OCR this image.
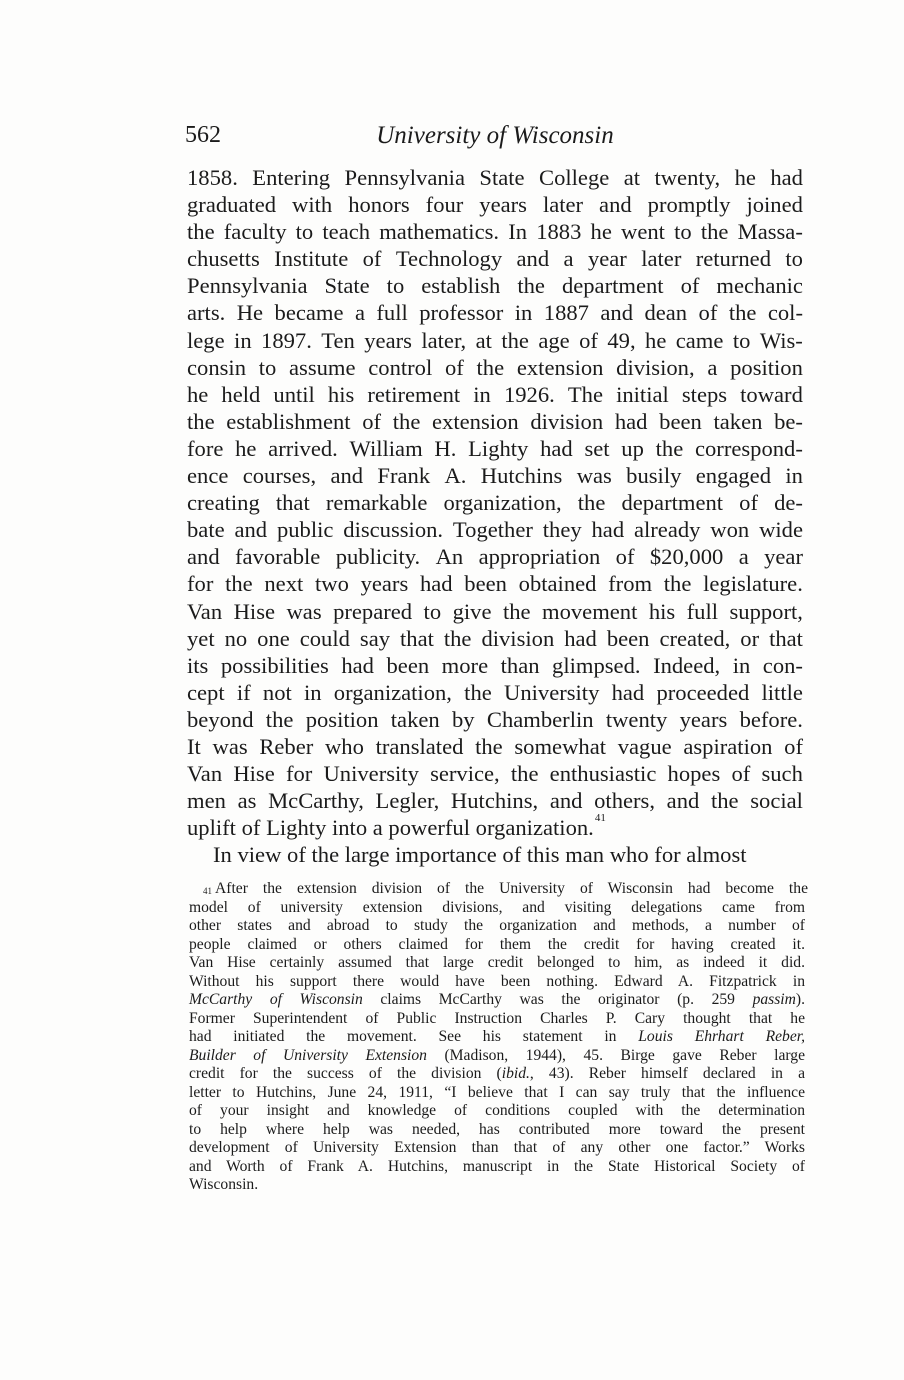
562	University of Wisconsin
1858. Entering Pennsylvania State College at twenty, he had
graduated with honors four years later and promptly joined
the faculty to teach mathematics. In 1883 he went to the Massa-
chusetts Institute of Technology and a year later returned to
Pennsylvania State to establish the department of mechanic
arts. He became a full professor in 1887 and dean of the col-
lege in 1897. Ten years later, at the age of 49, he came to Wis-
consin to assume control of the extension division, a position
he held until his retirement in 1926. The initial steps toward
the establishment of the extension division had been taken be-
fore he arrived. William H. Lighty had set up the correspond-
ence courses, and Frank A. Hutchins was busily engaged in
creating that remarkable organization, the department of de-
bate and public discussion. Together they had already won wide
and favorable publicity. An appropriation of $20,000 a year
for the next two years had been obtained from the legislature.
Van Hise was prepared to give the movement his full support,
yet no one could say that the division had been created, or that
its possibilities had been more than glimpsed. Indeed, in con-
cept if not in organization, the University had proceeded little
beyond the position taken by Chamberlin twenty years before.
It was Reber who translated the somewhat vague aspiration of
Van Hise for University service, the enthusiastic hopes of such
men as McCarthy, Legler, Hutchins, and others, and the social
uplift of Lighty into a powerful organization.$^{41}$
In view of the large importance of this man who for almost
41 After the extension division of the University of Wisconsin had become the
model of university extension divisions, and visiting delegations came from
other states and abroad to study the organization and methods, a number of
people claimed or others claimed for them the credit for having created it.
Van Hise certainly assumed that large credit belonged to him, as indeed it did.
Without his support there would have been nothing. Edward A. Fitzpatrick in
McCarthy of Wisconsin claims McCarthy was the originator (p. 259 passim).
Former Superintendent of Public Instruction Charles P. Cary thought that he
had initiated the movement. See his statement in Louis Ehrhart Reber,
Builder of University Extension (Madison, 1944), 45. Birge gave Reber large
credit for the success of the division (ibid., 43). Reber himself declared in a
letter to Hutchins, June 24, 1911, “I believe that I can say truly that the influence
of your insight and knowledge of conditions coupled with the determination
to help where help was needed, has contributed more toward the present
development of University Extension than that of any other one factor.” Works
and Worth of Frank A. Hutchins, manuscript in the State Historical Society of
Wisconsin.
